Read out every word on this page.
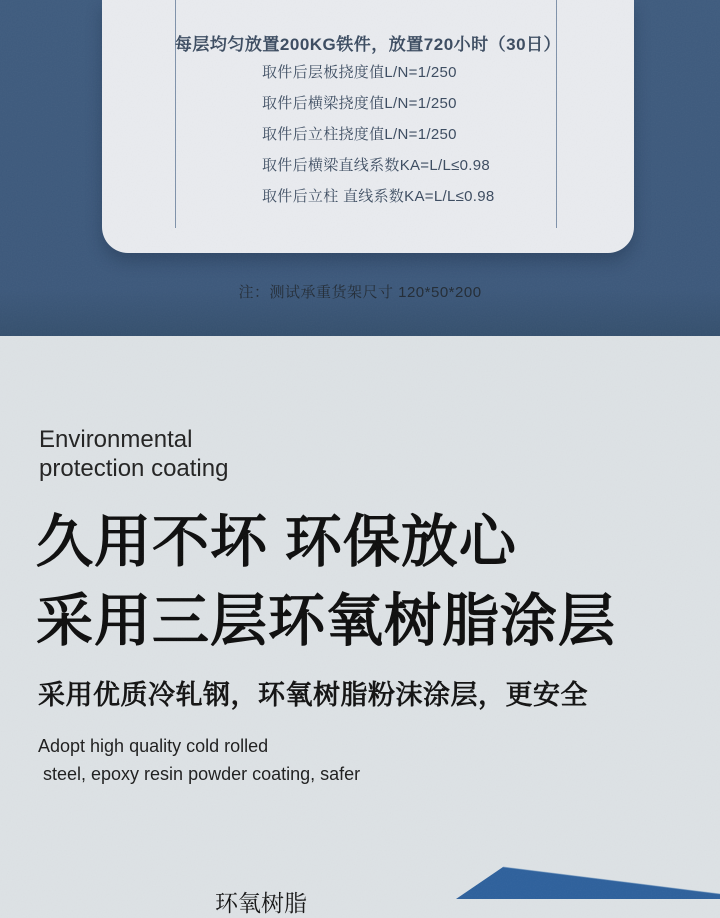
每层均匀放置200KG铁件，放置720小时（30日）
取件后层板挠度值L/N=1/250
取件后横梁挠度值L/N=1/250
取件后立柱挠度值L/N=1/250
取件后横梁直线系数KA=L/L≤0.98
取件后立柱 直线系数KA=L/L≤0.98
注：测试承重货架尺寸 120*50*200
Environmental
protection coating
久用不坏 环保放心
采用三层环氧树脂涂层
采用优质冷轧钢，环氧树脂粉沫涂层，更安全
Adopt high quality cold rolled
steel, epoxy resin powder coating, safer
环氧树脂
